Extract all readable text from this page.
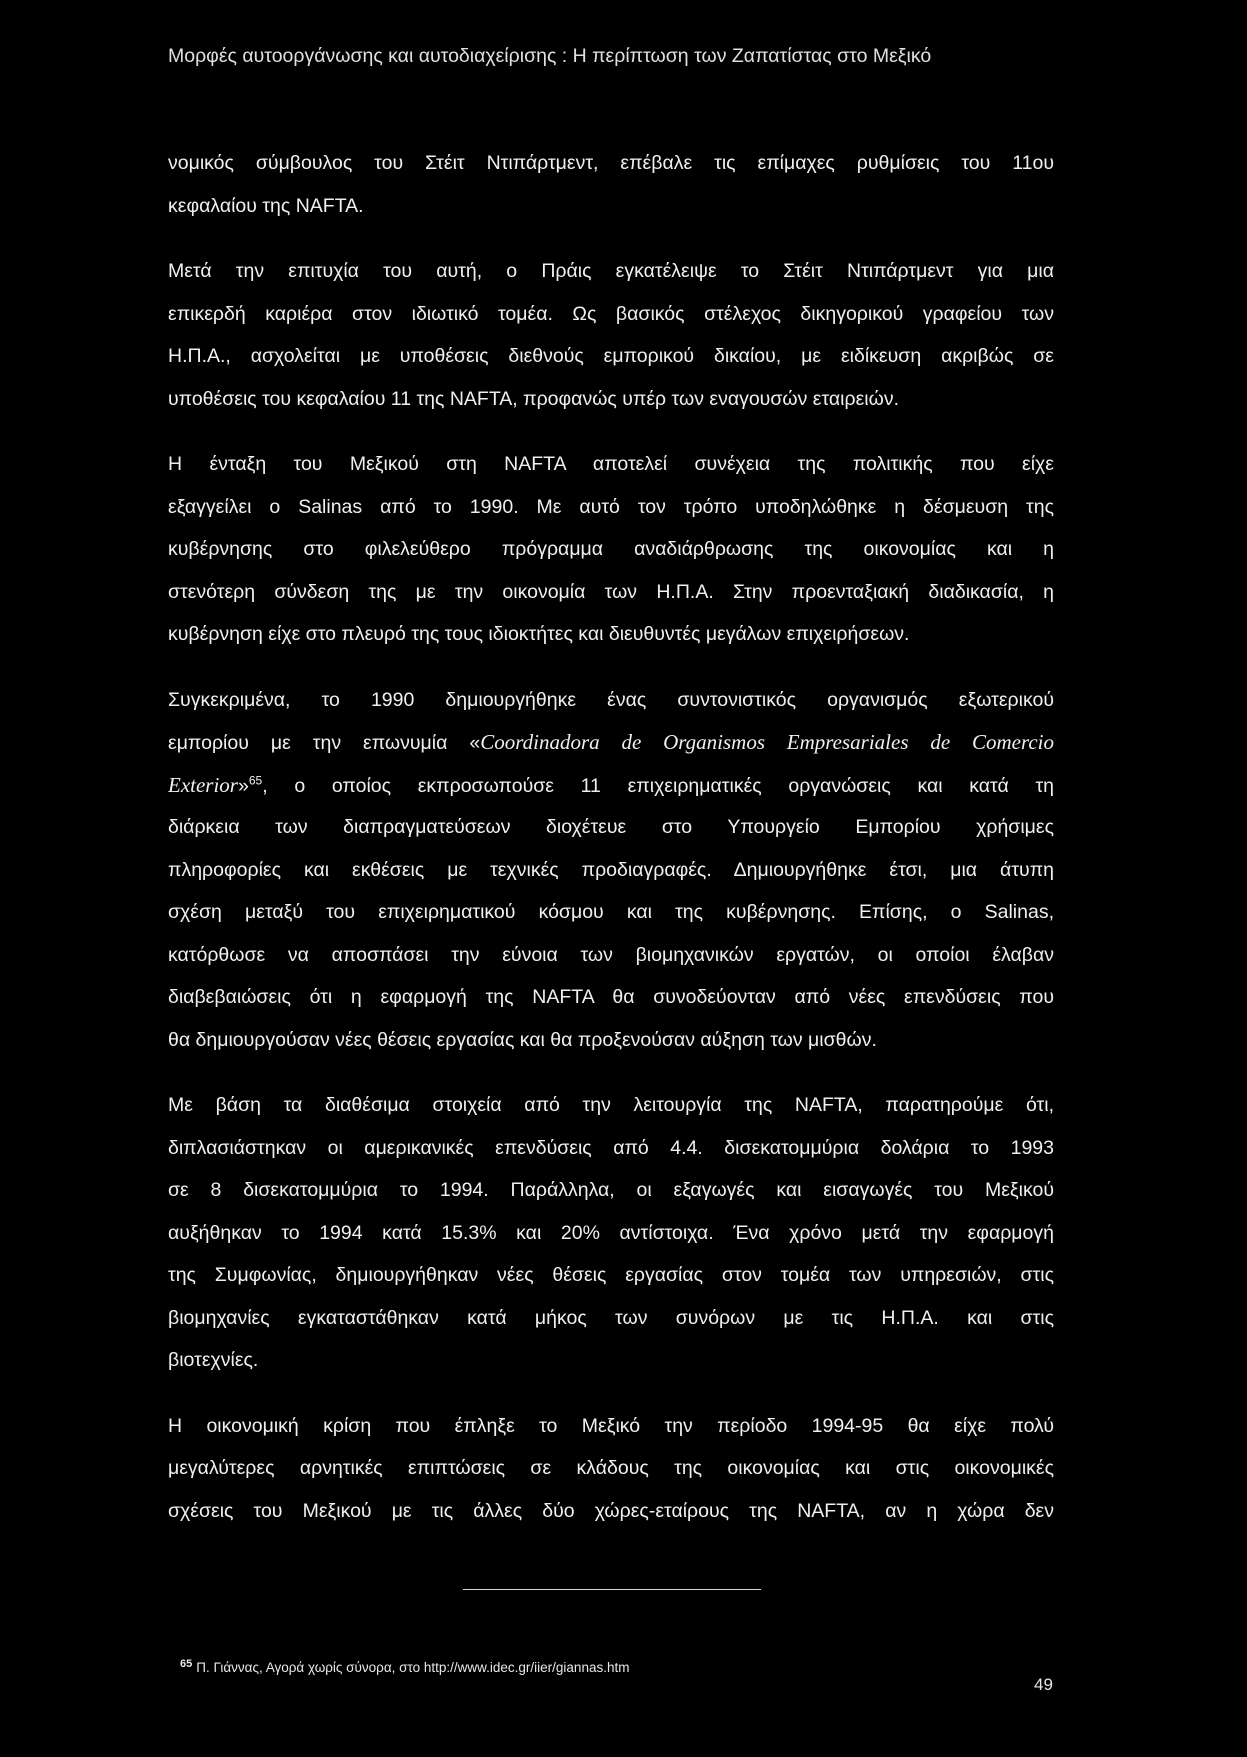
Μορφές αυτοοργάνωσης και αυτοδιαχείρισης : Η περίπτωση των Ζαπατίστας στο Μεξικό
νομικός σύμβουλος του Στέιτ Ντιπάρτμεντ, επέβαλε τις επίμαχες ρυθμίσεις του 11ου
κεφαλαίου της NAFTA.
Μετά την επιτυχία του αυτή, ο Πράις εγκατέλειψε το Στέιτ Ντιπάρτμεντ για μια
επικερδή καριέρα στον ιδιωτικό τομέα. Ως βασικός στέλεχος δικηγορικού γραφείου των
Η.Π.Α., ασχολείται με υποθέσεις διεθνούς εμπορικού δικαίου, με ειδίκευση ακριβώς σε
υποθέσεις του κεφαλαίου 11 της NAFTA, προφανώς υπέρ των εναγουσών εταιρειών.
Η ένταξη του Μεξικού στη NAFTA αποτελεί συνέχεια της πολιτικής που είχε
εξαγγείλει ο Salinas από το 1990. Με αυτό τον τρόπο υποδηλώθηκε η δέσμευση της
κυβέρνησης στο φιλελεύθερο πρόγραμμα αναδιάρθρωσης της οικονομίας και η
στενότερη σύνδεση της με την οικονομία των Η.Π.Α. Στην προενταξιακή διαδικασία, η
κυβέρνηση είχε στο πλευρό της τους ιδιοκτήτες και διευθυντές μεγάλων επιχειρήσεων.
Συγκεκριμένα, το 1990 δημιουργήθηκε ένας συντονιστικός οργανισμός εξωτερικού
εμπορίου με την επωνυμία «Coordinadora de Organismos Empresariales de Comercio
Exterior»$^{65}$, ο οποίος εκπροσωπούσε 11 επιχειρηματικές οργανώσεις και κατά τη
διάρκεια των διαπραγματεύσεων διοχέτευε στο Υπουργείο Εμπορίου χρήσιμες
πληροφορίες και εκθέσεις με τεχνικές προδιαγραφές. Δημιουργήθηκε έτσι, μια άτυπη
σχέση μεταξύ του επιχειρηματικού κόσμου και της κυβέρνησης. Επίσης, ο Salinas,
κατόρθωσε να αποσπάσει την εύνοια των βιομηχανικών εργατών, οι οποίοι έλαβαν
διαβεβαιώσεις ότι η εφαρμογή της NAFTA θα συνοδεύονταν από νέες επενδύσεις που
θα δημιουργούσαν νέες θέσεις εργασίας και θα προξενούσαν αύξηση των μισθών.
Με βάση τα διαθέσιμα στοιχεία από την λειτουργία της NAFTA, παρατηρούμε ότι,
διπλασιάστηκαν οι αμερικανικές επενδύσεις από 4.4. δισεκατομμύρια δολάρια το 1993
σε 8 δισεκατομμύρια το 1994. Παράλληλα, οι εξαγωγές και εισαγωγές του Μεξικού
αυξήθηκαν το 1994 κατά 15.3% και 20% αντίστοιχα. Ένα χρόνο μετά την εφαρμογή
της Συμφωνίας, δημιουργήθηκαν νέες θέσεις εργασίας στον τομέα των υπηρεσιών, στις
βιομηχανίες εγκαταστάθηκαν κατά μήκος των συνόρων με τις Η.Π.Α. και στις
βιοτεχνίες.
Η οικονομική κρίση που έπληξε το Μεξικό την περίοδο 1994-95 θα είχε πολύ
μεγαλύτερες αρνητικές επιπτώσεις σε κλάδους της οικονομίας και στις οικονομικές
σχέσεις του Μεξικού με τις άλλες δύο χώρες-εταίρους της NAFTA, αν η χώρα δεν
$^{65}$ Π. Γιάννας, Αγορά χωρίς σύνορα, στο http://www.idec.gr/iier/giannas.htm
49
